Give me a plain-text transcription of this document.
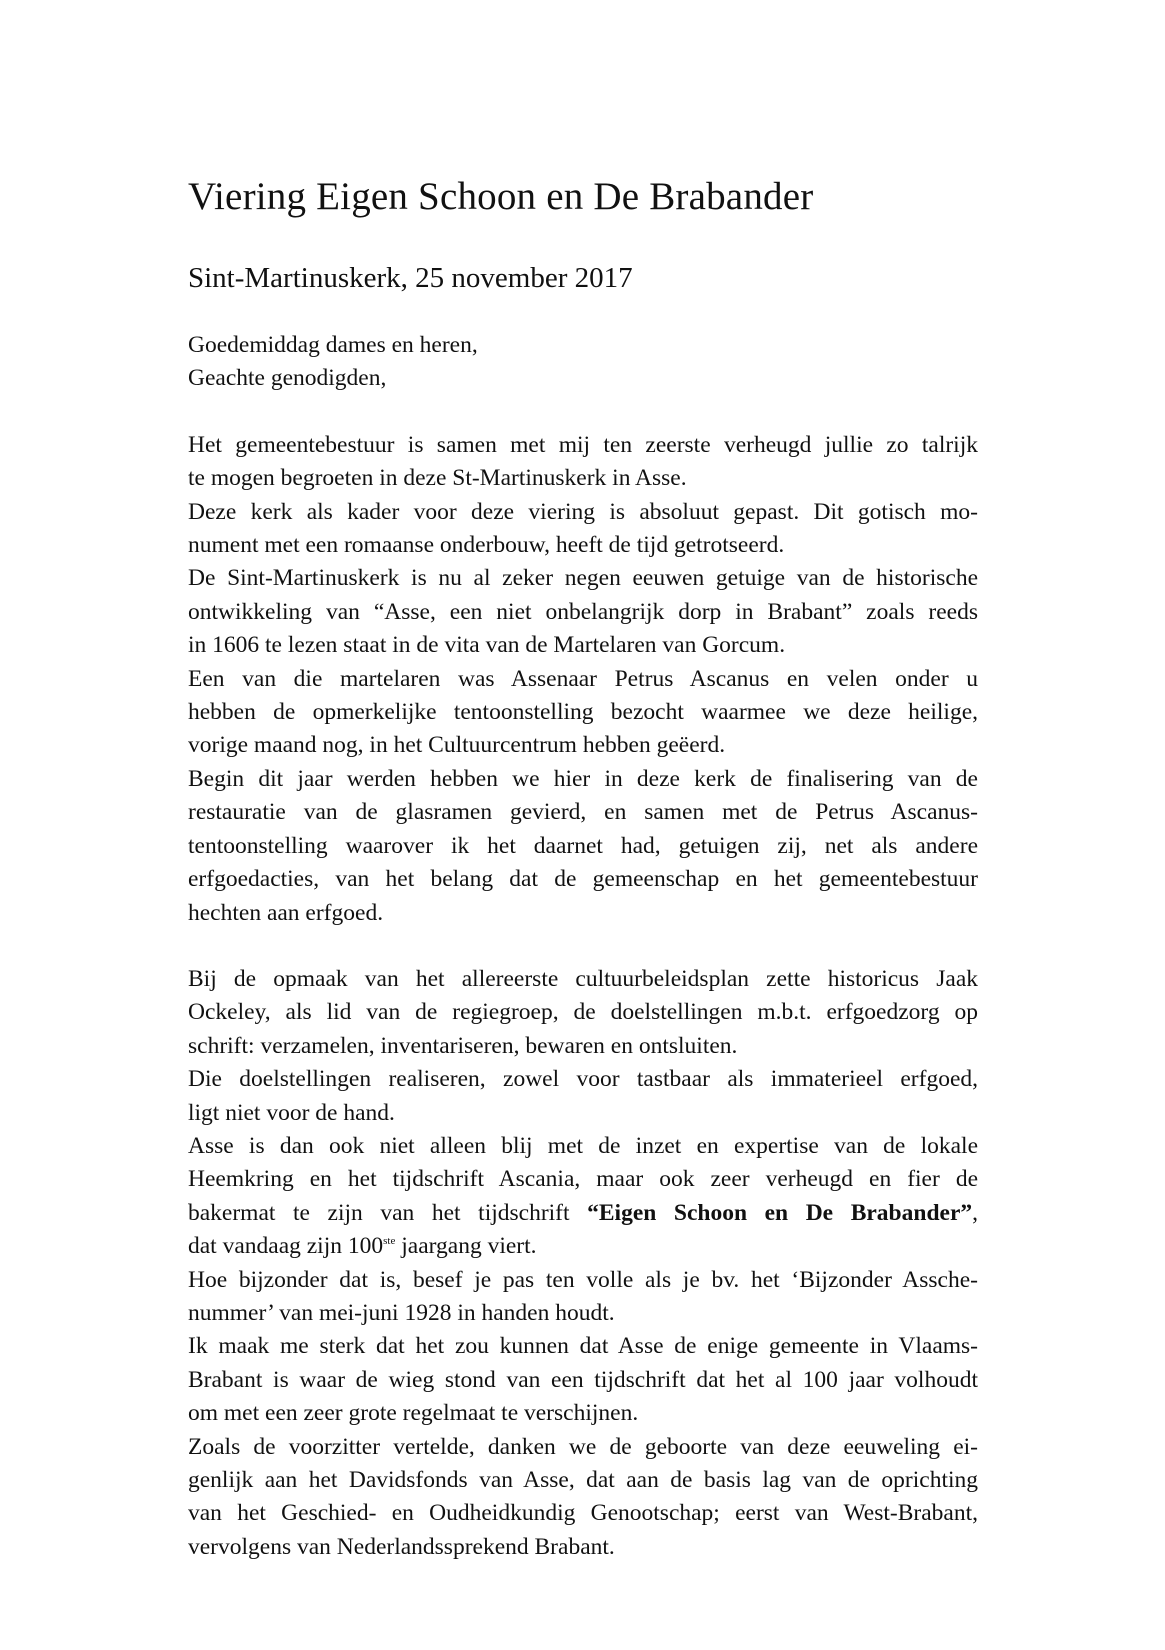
Viering Eigen Schoon en De Brabander
Sint-Martinuskerk, 25 november 2017
Goedemiddag dames en heren,
Geachte genodigden,
Het gemeentebestuur is samen met mij ten zeerste verheugd jullie zo talrijk
te mogen begroeten in deze St-Martinuskerk in Asse.
Deze kerk als kader voor deze viering is absoluut gepast. Dit gotisch mo-
nument met een romaanse onderbouw, heeft de tijd getrotseerd.
De Sint-Martinuskerk is nu al zeker negen eeuwen getuige van de historische
ontwikkeling van “Asse, een niet onbelangrijk dorp in Brabant” zoals reeds
in 1606 te lezen staat in de vita van de Martelaren van Gorcum.
Een van die martelaren was Assenaar Petrus Ascanus en velen onder u
hebben de opmerkelijke tentoonstelling bezocht waarmee we deze heilige,
vorige maand nog, in het Cultuurcentrum hebben geëerd.
Begin dit jaar werden hebben we hier in deze kerk de finalisering van de
restauratie van de glasramen gevierd, en samen met de Petrus Ascanus-
tentoonstelling waarover ik het daarnet had, getuigen zij, net als andere
erfgoedacties, van het belang dat de gemeenschap en het gemeentebestuur
hechten aan erfgoed.
Bij de opmaak van het allereerste cultuurbeleidsplan zette historicus Jaak
Ockeley, als lid van de regiegroep, de doelstellingen m.b.t. erfgoedzorg op
schrift: verzamelen, inventariseren, bewaren en ontsluiten.
Die doelstellingen realiseren, zowel voor tastbaar als immaterieel erfgoed,
ligt niet voor de hand.
Asse is dan ook niet alleen blij met de inzet en expertise van de lokale
Heemkring en het tijdschrift Ascania, maar ook zeer verheugd en fier de
bakermat te zijn van het tijdschrift “Eigen Schoon en De Brabander”,
dat vandaag zijn 100ste jaargang viert.
Hoe bijzonder dat is, besef je pas ten volle als je bv. het ‘Bijzonder Assche-
nummer’ van mei-juni 1928 in handen houdt.
Ik maak me sterk dat het zou kunnen dat Asse de enige gemeente in Vlaams-
Brabant is waar de wieg stond van een tijdschrift dat het al 100 jaar volhoudt
om met een zeer grote regelmaat te verschijnen.
Zoals de voorzitter vertelde, danken we de geboorte van deze eeuweling ei-
genlijk aan het Davidsfonds van Asse, dat aan de basis lag van de oprichting
van het Geschied- en Oudheidkundig Genootschap; eerst van West-Brabant,
vervolgens van Nederlandssprekend Brabant.
